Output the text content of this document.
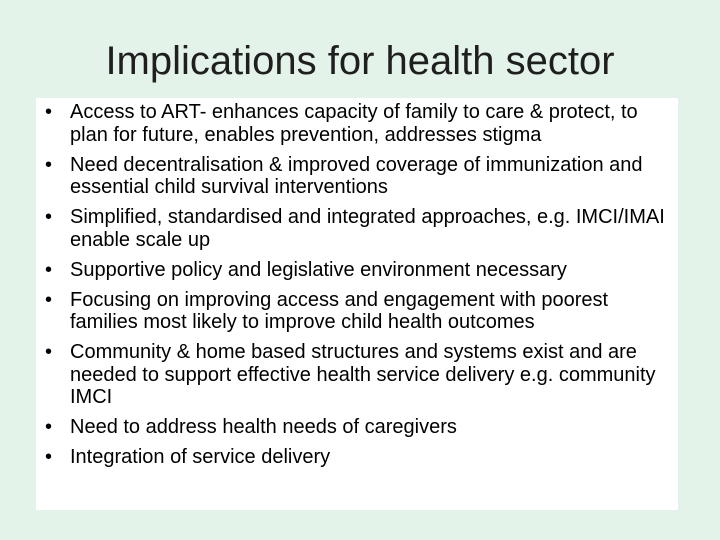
Implications for health sector
• Access to ART- enhances capacity of family to care & protect, to plan for future, enables prevention, addresses stigma
• Need decentralisation & improved coverage of immunization and essential child survival interventions
• Simplified, standardised and integrated approaches, e.g. IMCI/IMAI enable scale up
• Supportive policy and legislative environment necessary
• Focusing on improving access and engagement with poorest families most likely to improve child health outcomes
• Community & home based structures and systems exist and are needed to support effective health service delivery e.g. community IMCI
• Need to address health needs of caregivers
• Integration of service delivery
